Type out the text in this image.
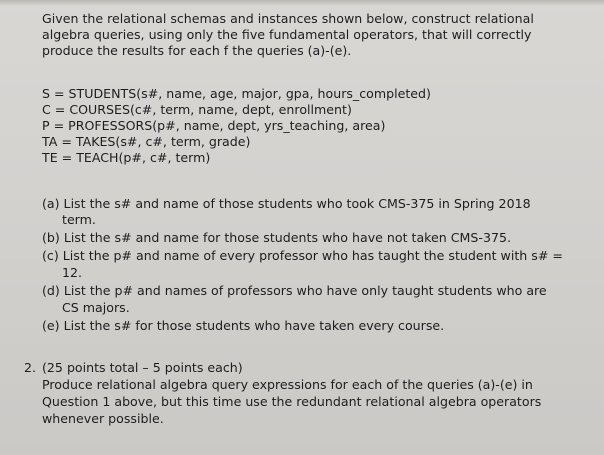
Given the relational schemas and instances shown below, construct relational
algebra queries, using only the five fundamental operators, that will correctly
produce the results for each f the queries (a)-(e).
S = STUDENTS(s#, name, age, major, gpa, hours_completed)
C = COURSES(c#, term, name, dept, enrollment)
P = PROFESSORS(p#, name, dept, yrs_teaching, area)
TA = TAKES(s#, c#, term, grade)
TE = TEACH(p#, c#, term)
(a) List the s# and name of those students who took CMS-375 in Spring 2018
term.
(b) List the s# and name for those students who have not taken CMS-375.
(c) List the p# and name of every professor who has taught the student with s# =
12.
(d) List the p# and names of professors who have only taught students who are
CS majors.
(e) List the s# for those students who have taken every course.
2. (25 points total – 5 points each)
Produce relational algebra query expressions for each of the queries (a)-(e) in
Question 1 above, but this time use the redundant relational algebra operators
whenever possible.
